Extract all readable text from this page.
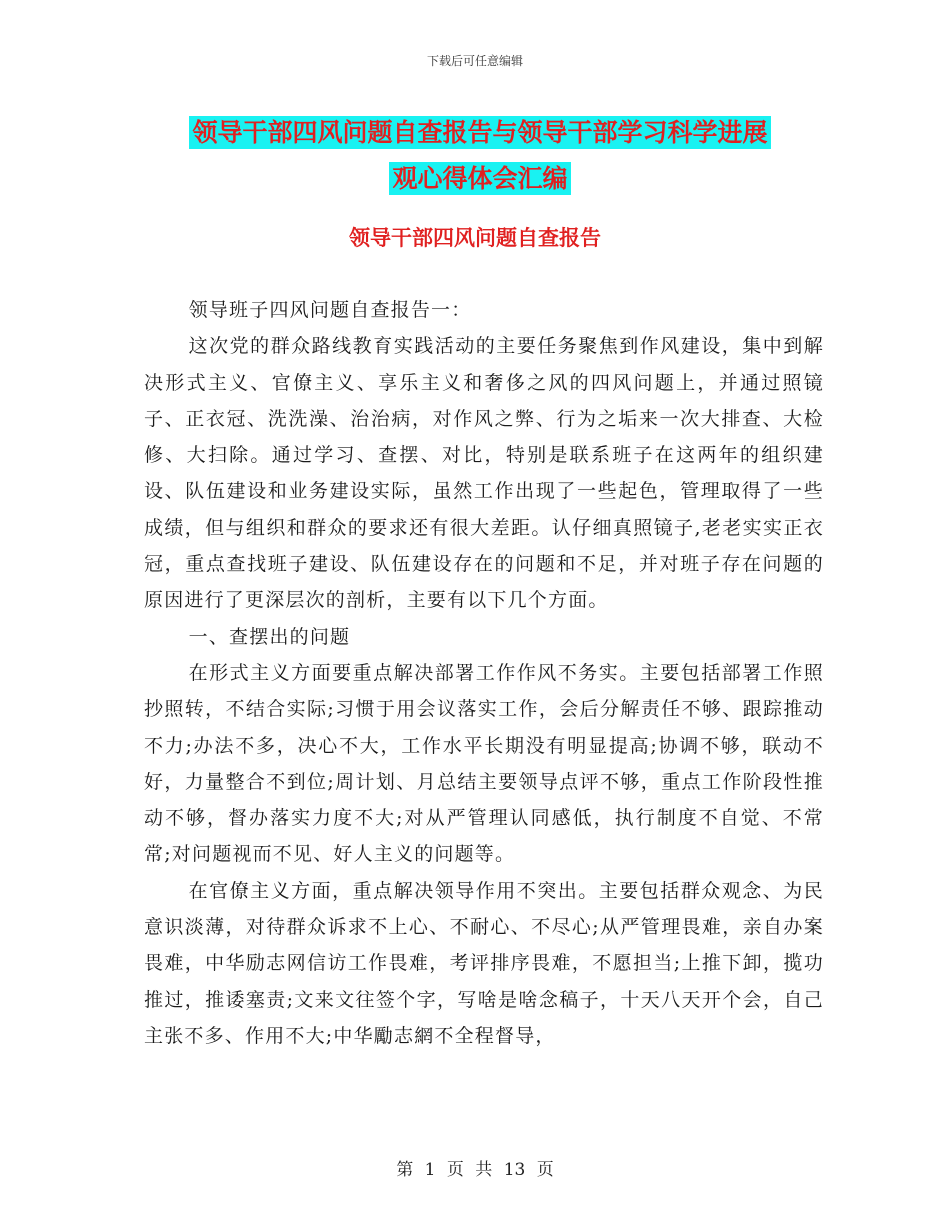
下载后可任意编辑
领导干部四风问题自查报告与领导干部学习科学进展
观心得体会汇编
领导干部四风问题自查报告

领导班子四风问题自查报告一：

这次党的群众路线教育实践活动的主要任务聚焦到作风建设，集中到解决形式主义、官僚主义、享乐主义和奢侈之风的四风问题上，并通过照镜子、正衣冠、洗洗澡、治治病，对作风之弊、行为之垢来一次大排查、大检修、大扫除。通过学习、查摆、对比，特别是联系班子在这两年的组织建设、队伍建设和业务建设实际，虽然工作出现了一些起色，管理取得了一些成绩，但与组织和群众的要求还有很大差距。认仔细真照镜子,老老实实正衣冠，重点查找班子建设、队伍建设存在的问题和不足，并对班子存在问题的原因进行了更深层次的剖析，主要有以下几个方面。

一、查摆出的问题

在形式主义方面要重点解决部署工作作风不务实。主要包括部署工作照抄照转，不结合实际;习惯于用会议落实工作，会后分解责任不够、跟踪推动不力;办法不多，决心不大，工作水平长期没有明显提高;协调不够，联动不好，力量整合不到位;周计划、月总结主要领导点评不够，重点工作阶段性推动不够，督办落实力度不大;对从严管理认同感低，执行制度不自觉、不常常;对问题视而不见、好人主义的问题等。

在官僚主义方面，重点解决领导作用不突出。主要包括群众观念、为民意识淡薄，对待群众诉求不上心、不耐心、不尽心;从严管理畏难，亲自办案畏难，中华励志网信访工作畏难，考评排序畏难，不愿担当;上推下卸，揽功推过，推诿塞责;文来文往签个字，写啥是啥念稿子，十天八天开个会，自己主张不多、作用不大;中华勵志網不全程督导，

第 1 页 共 13 页
